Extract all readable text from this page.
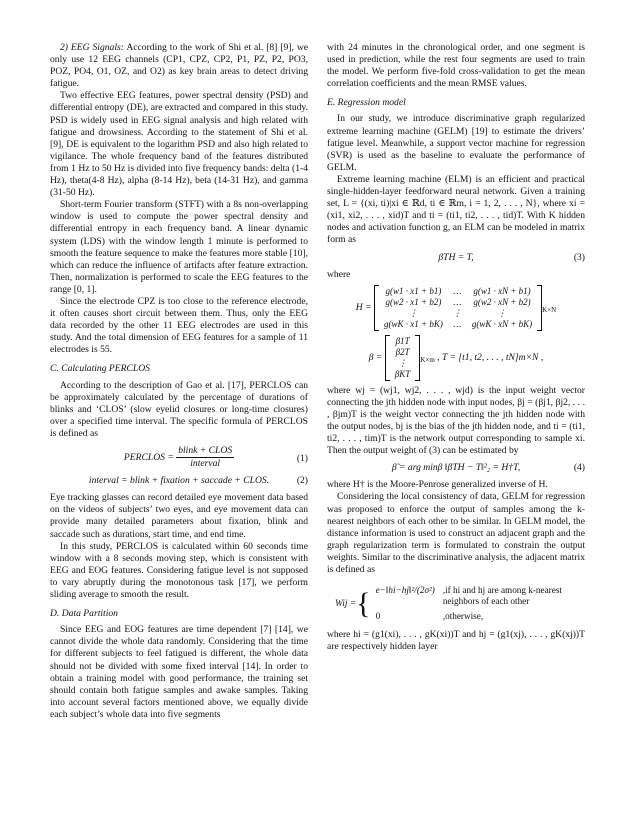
2) EEG Signals: According to the work of Shi et al. [8] [9], we only use 12 EEG channels (CP1, CPZ, CP2, P1, PZ, P2, PO3, POZ, PO4, O1, OZ, and O2) as key brain areas to detect driving fatigue.

Two effective EEG features, power spectral density (PSD) and differential entropy (DE), are extracted and compared in this study. PSD is widely used in EEG signal analysis and high related with fatigue and drowsiness. According to the statement of Shi et al. [9], DE is equivalent to the logarithm PSD and also high related to vigilance. The whole frequency band of the features distributed from 1 Hz to 50 Hz is divided into five frequency bands: delta (1-4 Hz), theta(4-8 Hz), alpha (8-14 Hz), beta (14-31 Hz), and gamma (31-50 Hz).

Short-term Fourier transform (STFT) with a 8s non-overlapping window is used to compute the power spectral density and differential entropy in each frequency band. A linear dynamic system (LDS) with the window length 1 minute is performed to smooth the feature sequence to make the features more stable [10], which can reduce the influence of artifacts after feature extraction. Then, normalization is performed to scale the EEG features to the range [0, 1].

Since the electrode CPZ is too close to the reference electrode, it often causes short circuit between them. Thus, only the EEG data recorded by the other 11 EEG electrodes are used in this study. And the total dimension of EEG features for a sample of 11 electrodes is 55.

C. Calculating PERCLOS

According to the description of Gao et al. [17], PERCLOS can be approximately calculated by the percentage of durations of blinks and ‘CLOS’ (slow eyelid closures or long-time closures) over a specified time interval. The specific formula of PERCLOS is defined as

PERCLOS = $\frac{\text{blink + CLOS}}{\text{interval}}$	(1)
interval = blink + fixation + saccade + CLOS.	(2)

Eye tracking glasses can record detailed eye movement data based on the videos of subjects’ two eyes, and eye movement data can provide many detailed parameters about fixation, blink and saccade such as durations, start time, and end time.

In this study, PERCLOS is calculated within 60 seconds time window with a 8 seconds moving step, which is consistent with EEG and EOG features. Considering fatigue level is not supposed to vary abruptly during the monotonous task [17], we perform sliding average to smooth the result.

D. Data Partition

Since EEG and EOG features are time dependent [7] [14], we cannot divide the whole data randomly. Considering that the time for different subjects to feel fatigued is different, the whole data should not be divided with some fixed interval [14]. In order to obtain a training model with good performance, the training set should contain both fatigue samples and awake samples. Taking into account several factors mentioned above, we equally divide each subject’s whole data into five segments

with 24 minutes in the chronological order, and one segment is used in prediction, while the rest four segments are used to train the model. We perform five-fold cross-validation to get the mean correlation coefficients and the mean RMSE values.

E. Regression model

In our study, we introduce discriminative graph regularized extreme learning machine (GELM) [19] to estimate the drivers’ fatigue level. Meanwhile, a support vector machine for regression (SVR) is used as the baseline to evaluate the performance of GELM.

Extreme learning machine (ELM) is an efficient and practical single-hidden-layer feedforward neural network. Given a training set, L = {(xi, ti)|xi ∈ ℝd, ti ∈ ℝm, i = 1, 2, . . . , N}, where xi = (xi1, xi2, . . . , xid)T and ti = (ti1, ti2, . . . , tid)T. With K hidden nodes and activation function g, an ELM can be modeled in matrix form as

βTH = T,	(3)

where

H =
g(w1 · x1 + b1)	…	g(w1 · xN + b1)
g(w2 · x1 + b2)	…	g(w2 · xN + b2)
⋮	⋮	⋮
g(wK · x1 + bK)	…	g(wK · xN + bK)
$_{K\times N}$
β =
β1T
β2T
⋮
βKT
$_{K\times m}$ , T = [t1, t2, . . . , tN]m×N ,

where wj = (wj1, wj2, . . . , wjd) is the input weight vector connecting the jth hidden node with input nodes, βj = (βj1, βj2, . . . , βjm)T is the weight vector connecting the jth hidden node with the output nodes, bj is the bias of the jth hidden node, and ti = (ti1, ti2, . . . , tim)T is the network output corresponding to sample xi. Then the output weight of (3) can be estimated by

β̃ = arg minβ ‖βTH − T‖²₂ = H†T,	(4)

where H† is the Moore-Penrose generalized inverse of H.

Considering the local consistency of data, GELM for regression was proposed to enforce the output of samples among the k-nearest neighbors of each other to be similar. In GELM model, the distance information is used to construct an adjacent graph and the graph regularization term is formulated to constrain the output weights. Similar to the discriminative analysis, the adjacent matrix is defined as

Wij = { e−‖hi−hj‖²/(2σ²)	,if hi and hj are among k-nearest
neighbors of each other
0	,otherwise,

where hi = (g1(xi), . . . , gK(xi))T and hj = (g1(xj), . . . , gK(xj))T are respectively hidden layer
